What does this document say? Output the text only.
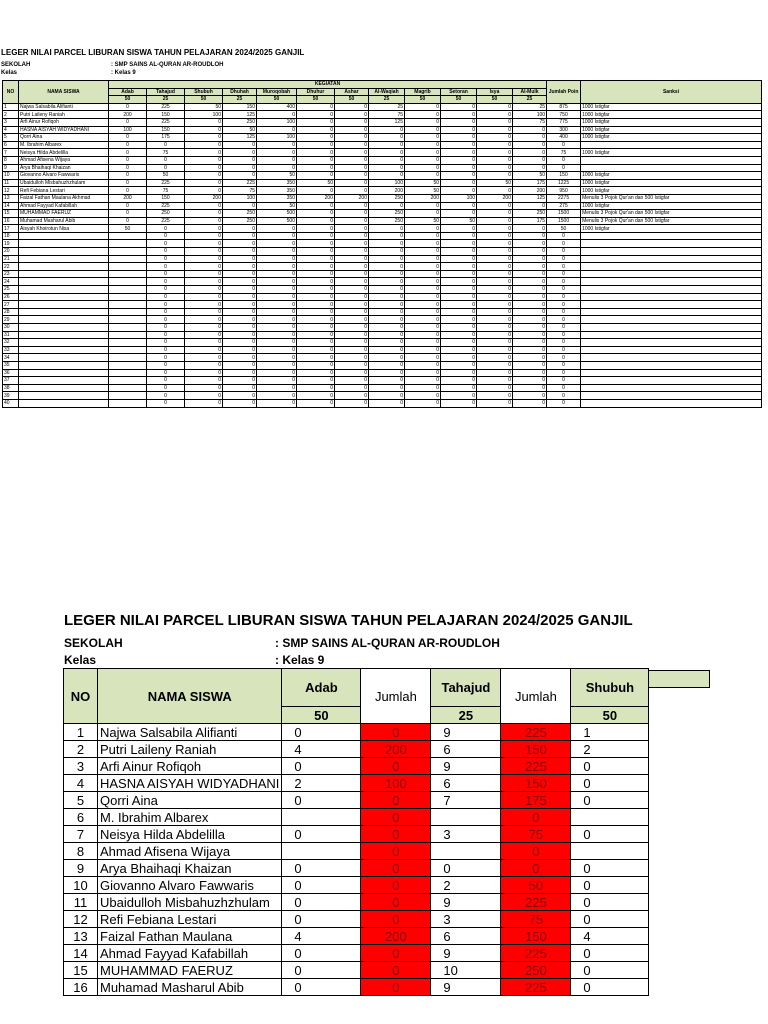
LEGER NILAI PARCEL LIBURAN SISWA TAHUN PELAJARAN 2024/2025 GANJIL
SEKOLAH	: SMP SAINS AL-QURAN AR-ROUDLOH
Kelas	: Kelas 9
NO	NAMA SISWA	KEGIATAN												Jumlah Poin	Sanksi
		Adab	Tahajud	Shubuh	Dhuhah	Muroqobah	Dhuhur	Ashar	Al-Waqiah	Magrib	Setoran	Isya	Al-Mulk		
		50	25	50	25	50	50	50	25	50	50	50	25		
1	Najwa Salsabila Alifianti	0	225	50	150	400	0	0	25	0	0	0	25	875	1000 Istigfar
2	Putri Laileny Raniah	200	150	100	125	0	0	0	75	0	0	0	100	750	1000 Istigfar
3	Arfi Ainur Rofiqoh	0	225	0	250	100	0	0	125	0	0	0	75	775	1000 Istigfar
4	HASNA AISYAH WIDYADHANI	100	150	0	50	0	0	0	0	0	0	0	0	300	1000 Istigfar
5	Qorri Aina	0	175	0	125	100	0	0	0	0	0	0	0	400	1000 Istigfar
6	M. Ibrahim Albarex	0	0	0	0	0	0	0	0	0	0	0	0	0	
7	Neisya Hilda Abdelilla	0	75	0	0	0	0	0	0	0	0	0	0	75	1000 Istigfar
8	Ahmad Afisena Wijaya	0	0	0	0	0	0	0	0	0	0	0	0	0	
9	Arya Bhaihaqi Khaizan	0	0	0	0	0	0	0	0	0	0	0	0	0	
10	Giovanno Alvaro Fawwaris	0	50	0	0	50	0	0	0	0	0	0	50	150	1000 Istigfar
11	Ubaidulloh Misbahuzhzhulam	0	225	0	225	350	50	0	100	50	0	50	175	1225	1000 Istigfar
12	Refi Febiana Lestari	0	75	0	75	350	0	0	200	50	0	0	200	950	1000 Istigfar
13	Faizal Fathan Maulana Akhmad	200	150	200	100	350	200	200	250	200	100	200	125	2275	Menulis 3 Pojok Qur'an dan 500 Istigfar
14	Ahmad Fayyad Kafabillah	0	225	0	0	50	0	0	0	0	0	0	0	275	1000 Istigfar
15	MUHAMMAD FAERUZ	0	250	0	250	500	0	0	250	0	0	0	250	1500	Menulis 3 Pojok Qur'an dan 500 Istigfar
16	Muhamad Masharul Abib	0	225	0	250	500	0	0	250	50	50	0	175	1500	Menulis 3 Pojok Qur'an dan 500 Istigfar
17	Aisyah Khoirotun Nisa	50	0	0	0	0	0	0	0	0	0	0	0	50	1000 Istigfar
18			0	0	0	0	0	0	0	0	0	0	0	0	
19			0	0	0	0	0	0	0	0	0	0	0	0	
20			0	0	0	0	0	0	0	0	0	0	0	0	
21			0	0	0	0	0	0	0	0	0	0	0	0	
22			0	0	0	0	0	0	0	0	0	0	0	0	
23			0	0	0	0	0	0	0	0	0	0	0	0	
24			0	0	0	0	0	0	0	0	0	0	0	0	
25			0	0	0	0	0	0	0	0	0	0	0	0	
26			0	0	0	0	0	0	0	0	0	0	0	0	
27			0	0	0	0	0	0	0	0	0	0	0	0	
28			0	0	0	0	0	0	0	0	0	0	0	0	
29			0	0	0	0	0	0	0	0	0	0	0	0	
30			0	0	0	0	0	0	0	0	0	0	0	0	
31			0	0	0	0	0	0	0	0	0	0	0	0	
32			0	0	0	0	0	0	0	0	0	0	0	0	
33			0	0	0	0	0	0	0	0	0	0	0	0	
34			0	0	0	0	0	0	0	0	0	0	0	0	
35			0	0	0	0	0	0	0	0	0	0	0	0	
36			0	0	0	0	0	0	0	0	0	0	0	0	
37			0	0	0	0	0	0	0	0	0	0	0	0	
38			0	0	0	0	0	0	0	0	0	0	0	0	
39			0	0	0	0	0	0	0	0	0	0	0	0	
40			0	0	0	0	0	0	0	0	0	0	0	0	
LEGER NILAI PARCEL LIBURAN SISWA TAHUN PELAJARAN 2024/2025 GANJIL
SEKOLAH	: SMP SAINS AL-QURAN AR-ROUDLOH
Kelas	: Kelas 9
NO	NAMA SISWA	Adab	Jumlah	Tahajud	Jumlah	Shubuh
		50		25		50
1	Najwa Salsabila Alifianti	0	0	9	225	1
2	Putri Laileny Raniah	4	200	6	150	2
3	Arfi Ainur Rofiqoh	0	0	9	225	0
4	HASNA AISYAH WIDYADHANI	2	100	6	150	0
5	Qorri Aina	0	0	7	175	0
6	M. Ibrahim Albarex		0		0	
7	Neisya Hilda Abdelilla	0	0	3	75	0
8	Ahmad Afisena Wijaya		0		0	
9	Arya Bhaihaqi Khaizan	0	0	0	0	0
10	Giovanno Alvaro Fawwaris	0	0	2	50	0
11	Ubaidulloh Misbahuzhzhulam	0	0	9	225	0
12	Refi Febiana Lestari	0	0	3	75	0
13	Faizal Fathan Maulana	4	200	6	150	4
14	Ahmad Fayyad Kafabillah	0	0	9	225	0
15	MUHAMMAD FAERUZ	0	0	10	250	0
16	Muhamad Masharul Abib	0	0	9	225	0
